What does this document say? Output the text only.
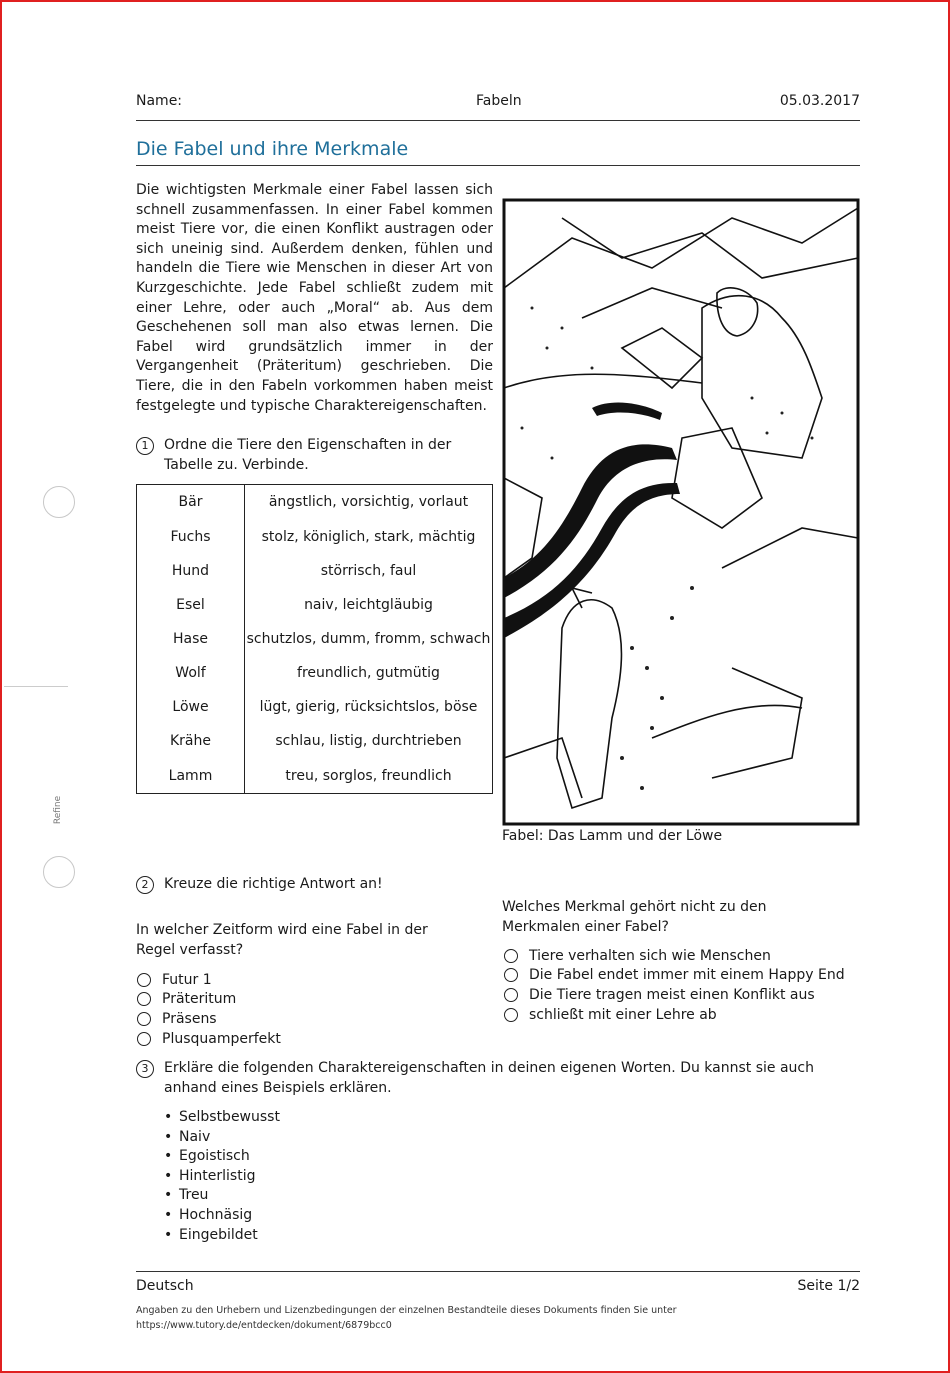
Refine
Name:	Fabeln	05.03.2017
Die Fabel und ihre Merkmale
Die wichtigsten Merkmale einer Fabel lassen sich schnell zusammenfassen. In einer Fabel kommen meist Tiere vor, die einen Konflikt austragen oder sich uneinig sind. Außerdem denken, fühlen und handeln die Tiere wie Menschen in dieser Art von Kurzgeschichte. Jede Fabel schließt zudem mit einer Lehre, oder auch „Moral“ ab. Aus dem Geschehenen soll man also etwas lernen. Die Fabel wird grundsätzlich immer in der Vergangenheit (Präteritum) geschrieben. Die Tiere, die in den Fabeln vorkommen haben meist festgelegte und typische Charaktereigenschaften.
1	Ordne die Tiere den Eigenschaften in der Tabelle zu. Verbinde.
Bär	ängstlich, vorsichtig, vorlaut
Fuchs	stolz, königlich, stark, mächtig
Hund	störrisch, faul
Esel	naiv, leichtgläubig
Hase	schutzlos, dumm, fromm, schwach
Wolf	freundlich, gutmütig
Löwe	lügt, gierig, rücksichtslos, böse
Krähe	schlau, listig, durchtrieben
Lamm	treu, sorglos, freundlich
Fabel: Das Lamm und der Löwe
2	Kreuze die richtige Antwort an!
In welcher Zeitform wird eine Fabel in der Regel verfasst?
Futur 1
Präteritum
Präsens
Plusquamperfekt
Welches Merkmal gehört nicht zu den Merkmalen einer Fabel?
Tiere verhalten sich wie Menschen
Die Fabel endet immer mit einem Happy End
Die Tiere tragen meist einen Konflikt aus
schließt mit einer Lehre ab
3	Erkläre die folgenden Charaktereigenschaften in deinen eigenen Worten. Du kannst sie auch anhand eines Beispiels erklären.
• Selbstbewusst
• Naiv
• Egoistisch
• Hinterlistig
• Treu
• Hochnäsig
• Eingebildet
Deutsch	Seite 1/2
Angaben zu den Urhebern und Lizenzbedingungen der einzelnen Bestandteile dieses Dokuments finden Sie unter
https://www.tutory.de/entdecken/dokument/6879bcc0
